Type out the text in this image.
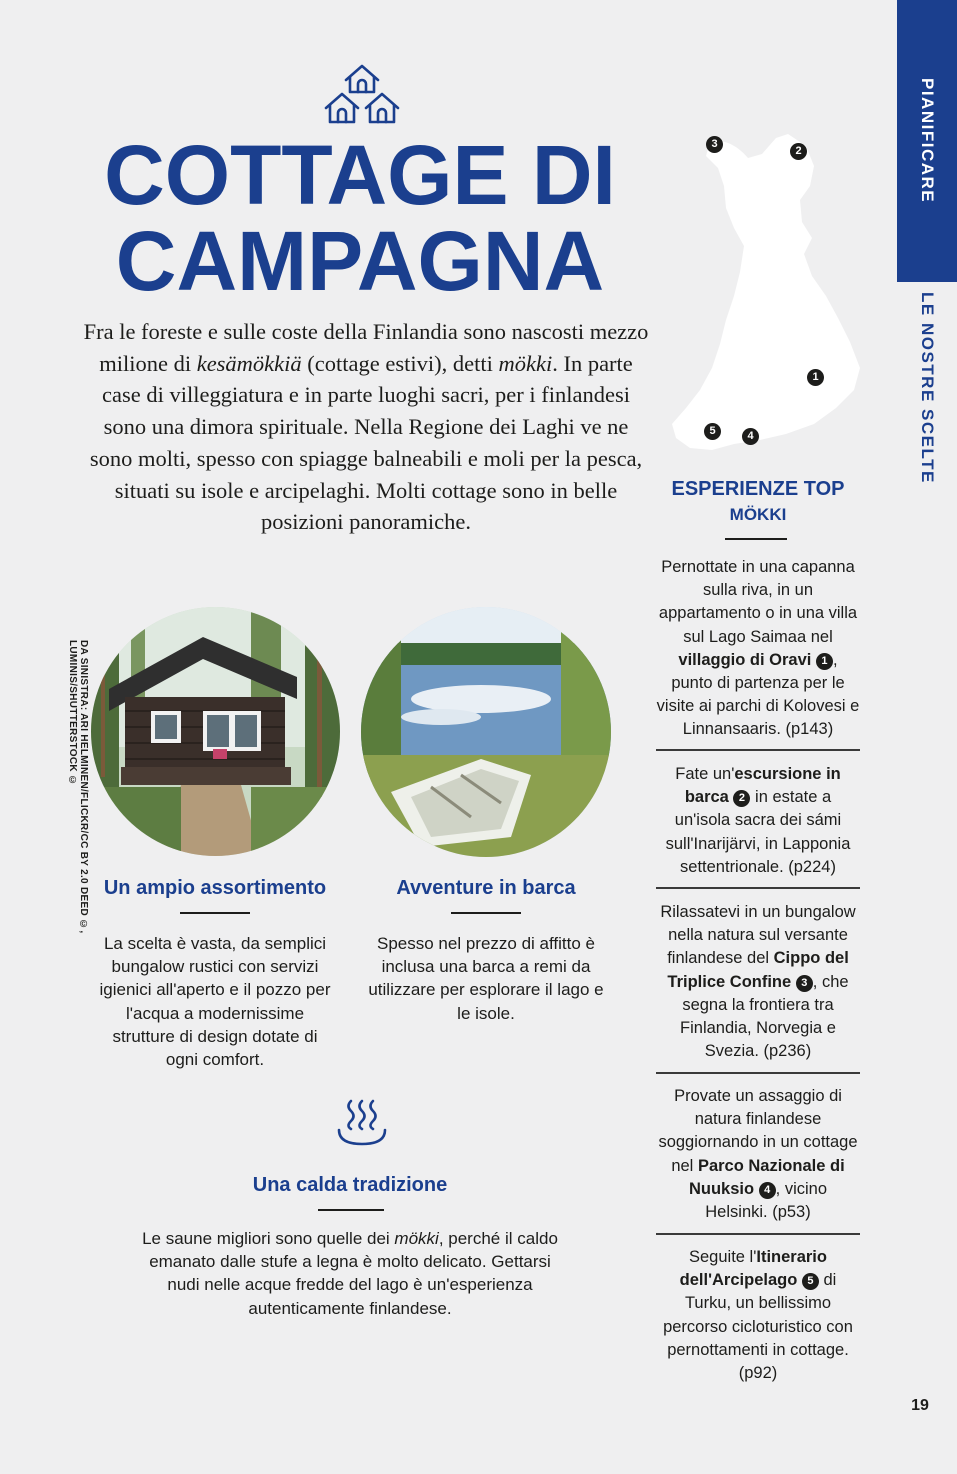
PIANIFICARE
LE NOSTRE SCELTE
DA SINISTRA: ARI HELMINEN/FLICKR/CC BY 2.0 DEED ©, LUMINIS/SHUTTERSTOCK ©
COTTAGE DI
CAMPAGNA
Fra le foreste e sulle coste della Finlandia sono nascosti mezzo milione di kesämökkiä (cottage estivi), detti mökki. In parte case di villeggiatura e in parte luoghi sacri, per i finlandesi sono una dimora spirituale. Nella Regione dei Laghi ve ne sono molti, spesso con spiagge balneabili e moli per la pesca, situati su isole e arcipelaghi. Molti cottage sono in belle posizioni panoramiche.
Un ampio assortimento
La scelta è vasta, da semplici bungalow rustici con servizi igienici all'aperto e il pozzo per l'acqua a modernissime strutture di design dotate di ogni comfort.
Avventure in barca
Spesso nel prezzo di affitto è inclusa una barca a remi da utilizzare per esplorare il lago e le isole.
Una calda tradizione
Le saune migliori sono quelle dei mökki, perché il caldo emanato dalle stufe a legna è molto delicato. Gettarsi nudi nelle acque fredde del lago è un'esperienza autenticamente finlandese.
3
2
1
5	4
ESPERIENZE TOP
MÖKKI
Pernottate in una capanna sulla riva, in un appartamento o in una villa sul Lago Saimaa nel villaggio di Oravi 1 , punto di partenza per le visite ai parchi di Kolovesi e Linnansaaris. (p143)
Fate un'escursione in barca 2 in estate a un'isola sacra dei sámi sull'Inarijärvi, in Lapponia settentrionale. (p224)
Rilassatevi in un bungalow nella natura sul versante finlandese del Cippo del Triplice Confine 3 , che segna la frontiera tra Finlandia, Norvegia e Svezia. (p236)
Provate un assaggio di natura finlandese soggiornando in un cottage nel Parco Nazionale di Nuuksio 4 , vicino Helsinki. (p53)
Seguite l'Itinerario dell'Arcipelago 5 di Turku, un bellissimo percorso cicloturistico con pernottamenti in cottage. (p92)
19
